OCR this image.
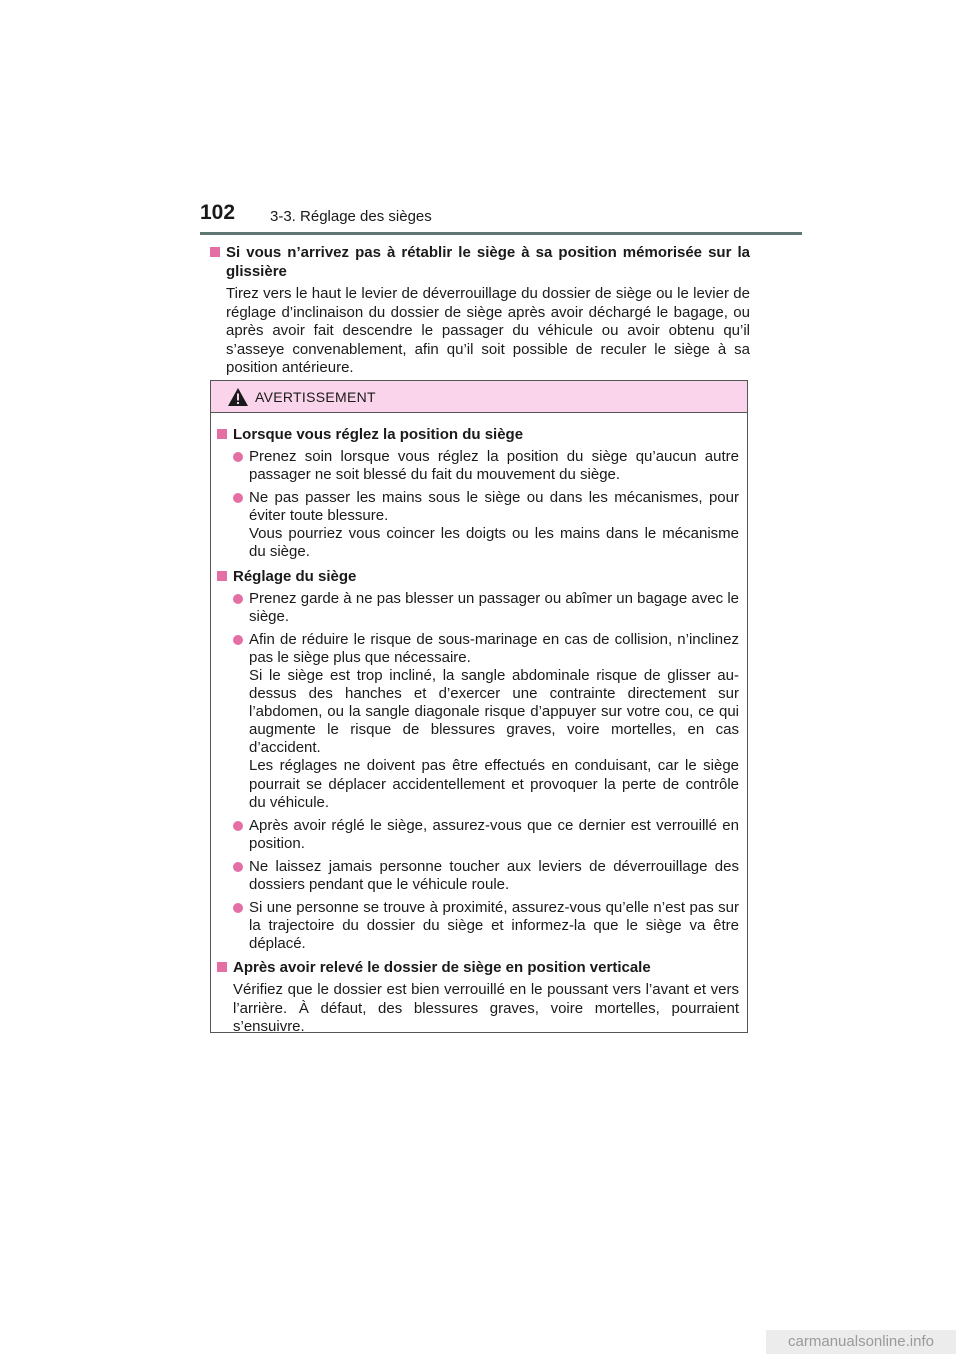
102 3-3. Réglage des sièges
Si vous n’arrivez pas à rétablir le siège à sa position mémorisée sur la glissière
Tirez vers le haut le levier de déverrouillage du dossier de siège ou le levier de réglage d’inclinaison du dossier de siège après avoir déchargé le bagage, ou après avoir fait descendre le passager du véhicule ou avoir obtenu qu’il s’asseye convenablement, afin qu’il soit possible de reculer le siège à sa position antérieure.
AVERTISSEMENT
Lorsque vous réglez la position du siège
Prenez soin lorsque vous réglez la position du siège qu’aucun autre passager ne soit blessé du fait du mouvement du siège.
Ne pas passer les mains sous le siège ou dans les mécanismes, pour éviter toute blessure.
Vous pourriez vous coincer les doigts ou les mains dans le mécanisme du siège.
Réglage du siège
Prenez garde à ne pas blesser un passager ou abîmer un bagage avec le siège.
Afin de réduire le risque de sous-marinage en cas de collision, n’inclinez pas le siège plus que nécessaire.
Si le siège est trop incliné, la sangle abdominale risque de glisser au-dessus des hanches et d’exercer une contrainte directement sur l’abdomen, ou la sangle diagonale risque d’appuyer sur votre cou, ce qui augmente le risque de blessures graves, voire mortelles, en cas d’accident.
Les réglages ne doivent pas être effectués en conduisant, car le siège pourrait se déplacer accidentellement et provoquer la perte de contrôle du véhicule.
Après avoir réglé le siège, assurez-vous que ce dernier est verrouillé en position.
Ne laissez jamais personne toucher aux leviers de déverrouillage des dossiers pendant que le véhicule roule.
Si une personne se trouve à proximité, assurez-vous qu’elle n’est pas sur la trajectoire du dossier du siège et informez-la que le siège va être déplacé.
Après avoir relevé le dossier de siège en position verticale
Vérifiez que le dossier est bien verrouillé en le poussant vers l’avant et vers l’arrière. À défaut, des blessures graves, voire mortelles, pourraient s’ensuivre.
carmanualsonline.info
